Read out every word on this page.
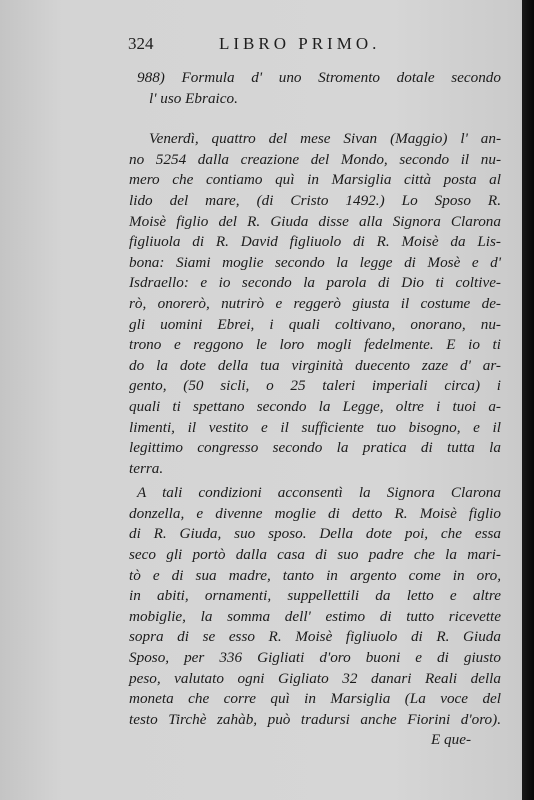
324	LIBRO PRIMO.
988) Formula d' uno Stromento dotale secondo
l' uso Ebraico.
Venerdì, quattro del mese Sivan (Maggio) l' an-
no 5254 dalla creazione del Mondo, secondo il nu-
mero che contiamo quì in Marsiglia città posta al
lido del mare, (di Cristo 1492.) Lo Sposo R.
Moisè figlio del R. Giuda disse alla Signora Clarona
figliuola di R. David figliuolo di R. Moisè da Lis-
bona: Siami moglie secondo la legge di Mosè e d'
Isdraello: e io secondo la parola di Dio ti coltive-
rò, onorerò, nutrirò e reggerò giusta il costume de-
gli uomini Ebrei, i quali coltivano, onorano, nu-
trono e reggono le loro mogli fedelmente. E io ti
do la dote della tua virginità duecento zaze d' ar-
gento, (50 sicli, o 25 taleri imperiali circa) i
quali ti spettano secondo la Legge, oltre i tuoi a-
limenti, il vestito e il sufficiente tuo bisogno, e il
legittimo congresso secondo la pratica di tutta la
terra.
A tali condizioni acconsentì la Signora Clarona
donzella, e divenne moglie di detto R. Moisè figlio
di R. Giuda, suo sposo. Della dote poi, che essa
seco gli portò dalla casa di suo padre che la mari-
tò e di sua madre, tanto in argento come in oro,
in abiti, ornamenti, suppellettili da letto e altre
mobiglie, la somma dell' estimo di tutto ricevette
sopra di se esso R. Moisè figliuolo di R. Giuda
Sposo, per 336 Gigliati d'oro buoni e di giusto
peso, valutato ogni Gigliato 32 danari Reali della
moneta che corre quì in Marsiglia (La voce del
testo Tirchè zahàb, può tradursi anche Fiorini d'oro).
E que-
